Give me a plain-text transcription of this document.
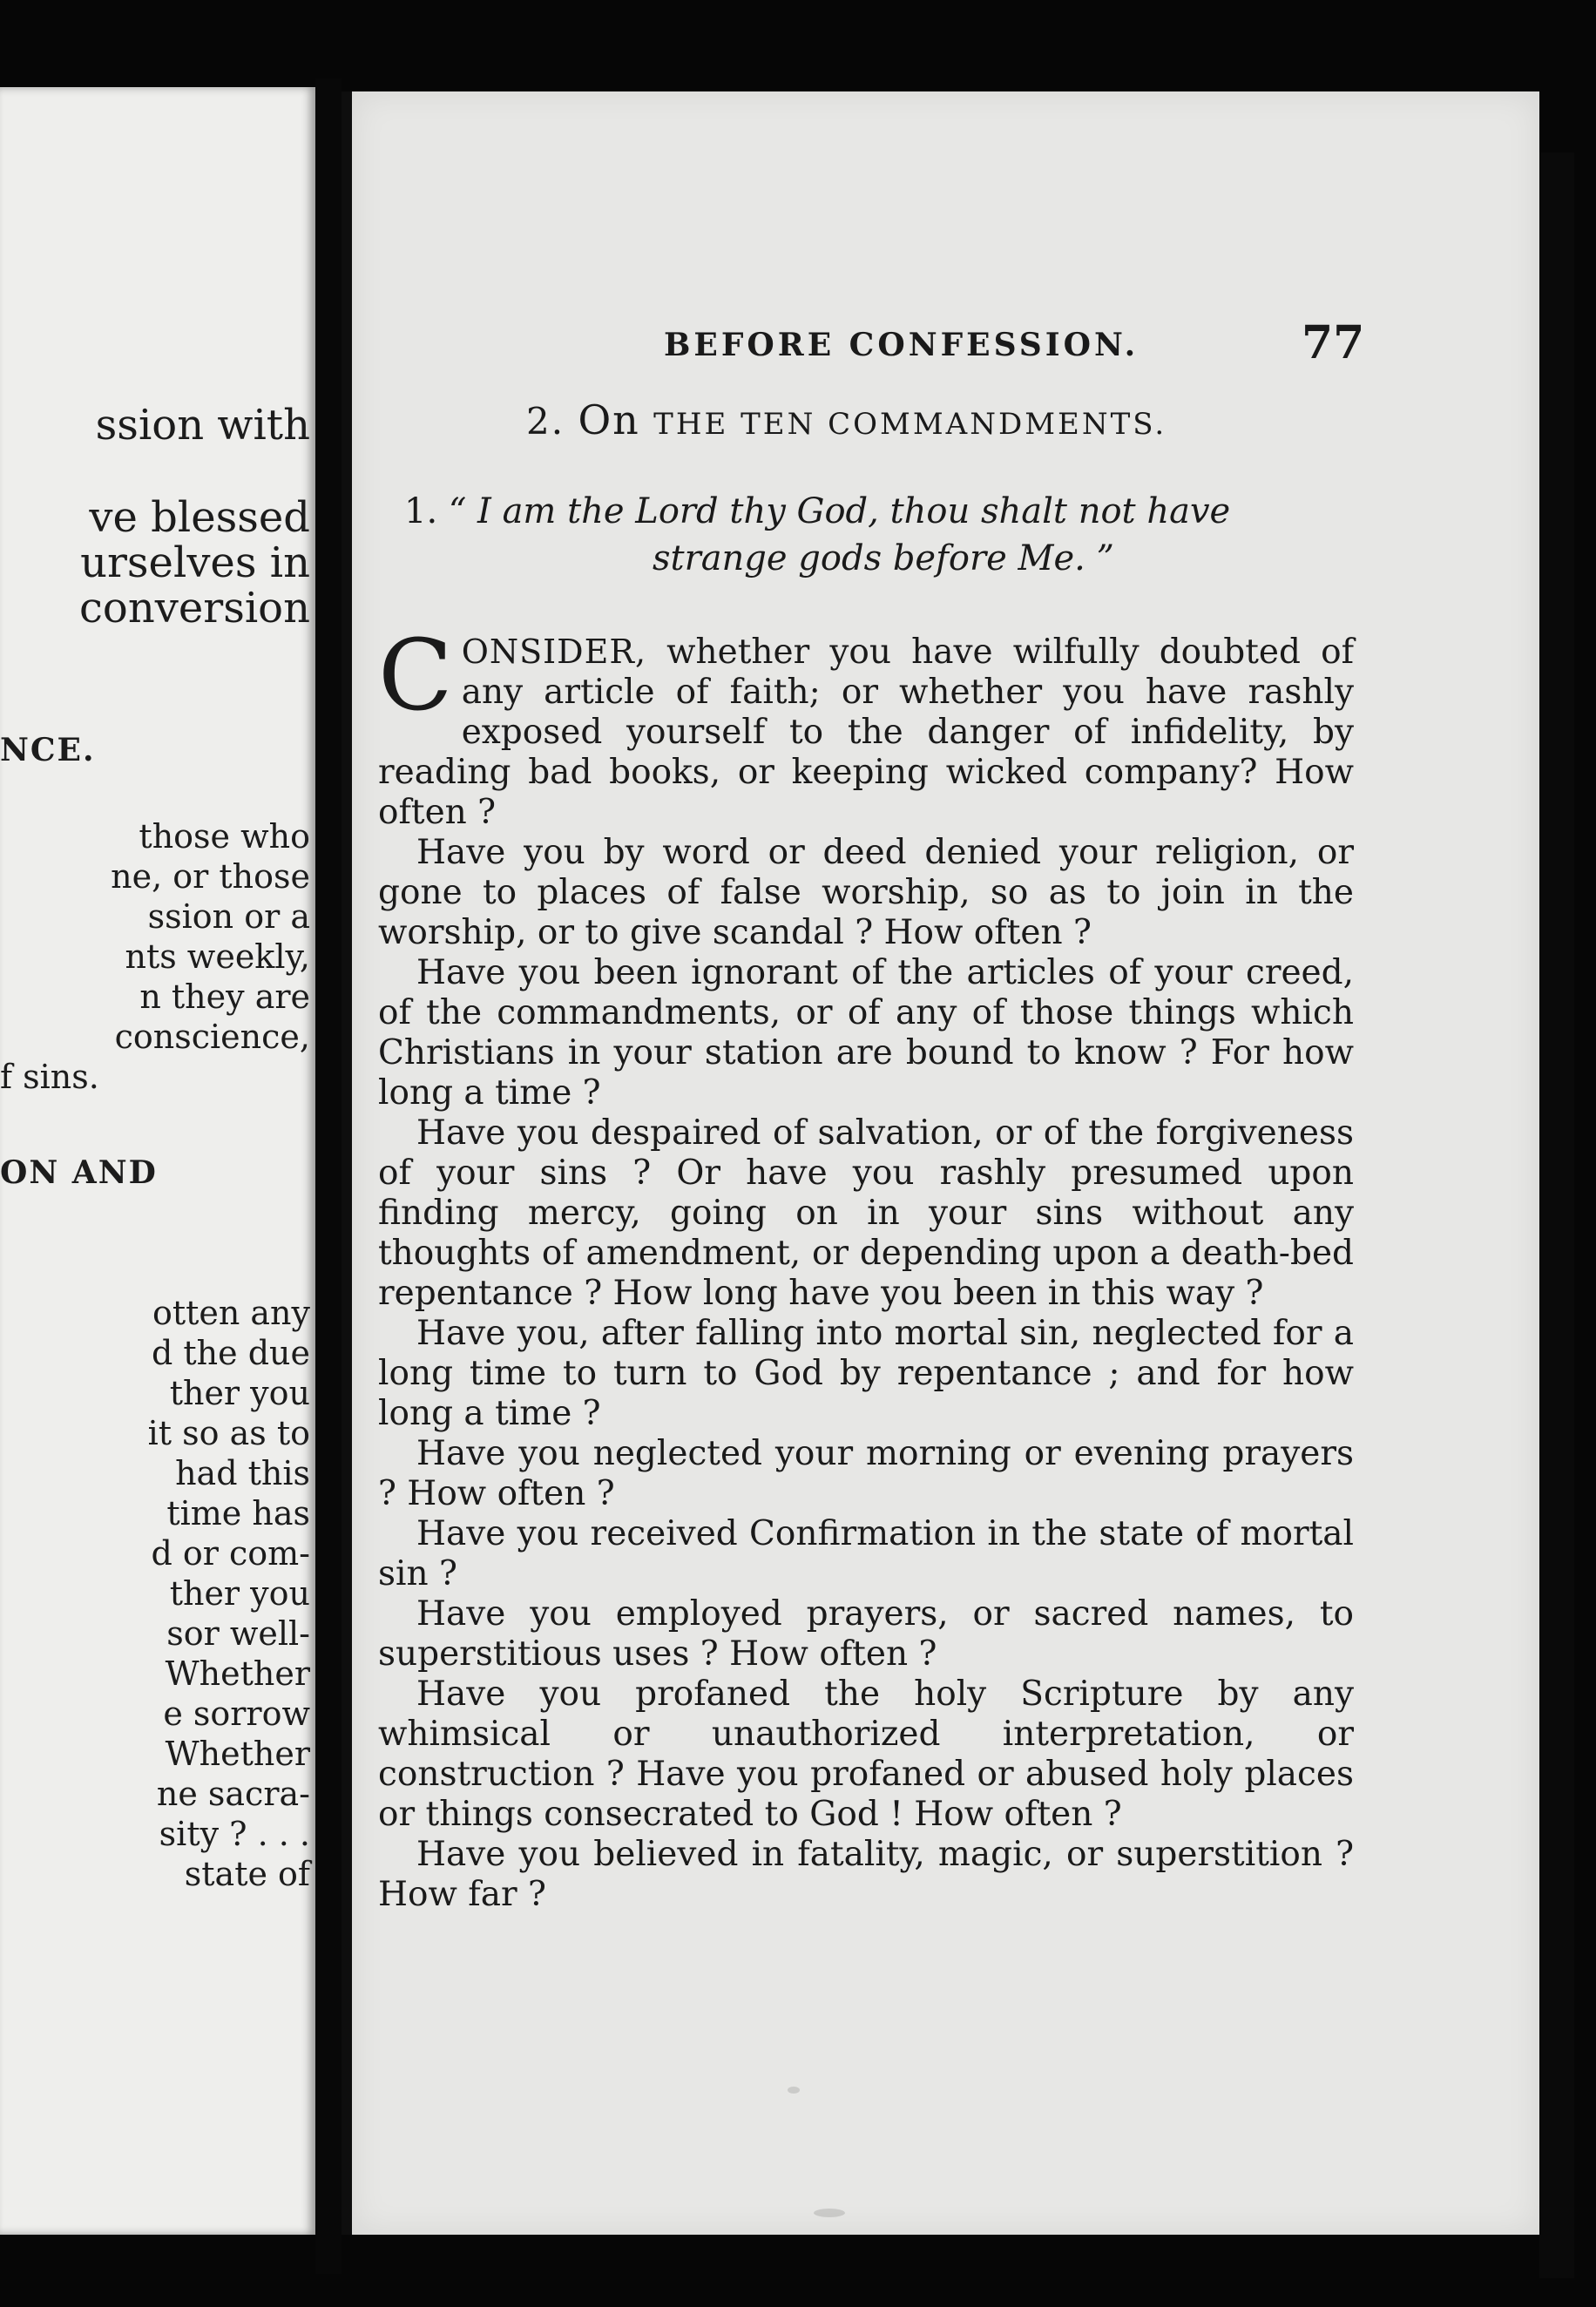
ssion with
ve blessed
urselves in
conversion
NCE.
those who
ne, or those
ssion or a
nts weekly,
n they are
conscience,
f sins.
ON AND
otten any
d the due
ther you
it so as to
had this
time has
d or com-
ther you
sor well-
Whether
e sorrow
Whether
ne sacra-
sity ? . . .
state of
BEFORE CONFESSION.	77
2. On THE TEN COMMANDMENTS.
1. “ I am the Lord thy God, thou shalt not have
strange gods before Me. ”

CONSIDER, whether you have wilfully doubted of any article of faith; or whether you have rashly exposed yourself to the danger of infidelity, by reading bad books, or keeping wicked company? How often ?

Have you by word or deed denied your religion, or gone to places of false worship, so as to join in the worship, or to give scandal ? How often ?

Have you been ignorant of the articles of your creed, of the commandments, or of any of those things which Christians in your station are bound to know ? For how long a time ?

Have you despaired of salvation, or of the forgiveness of your sins ? Or have you rashly presumed upon finding mercy, going on in your sins without any thoughts of amendment, or depending upon a death-bed repentance ? How long have you been in this way ?

Have you, after falling into mortal sin, neglected for a long time to turn to God by repentance ; and for how long a time ?

Have you neglected your morning or evening prayers ? How often ?

Have you received Confirmation in the state of mortal sin ?

Have you employed prayers, or sacred names, to superstitious uses ? How often ?

Have you profaned the holy Scripture by any whimsical or unauthorized interpretation, or construction ? Have you profaned or abused holy places or things consecrated to God ! How often ?

Have you believed in fatality, magic, or superstition ? How far ?
